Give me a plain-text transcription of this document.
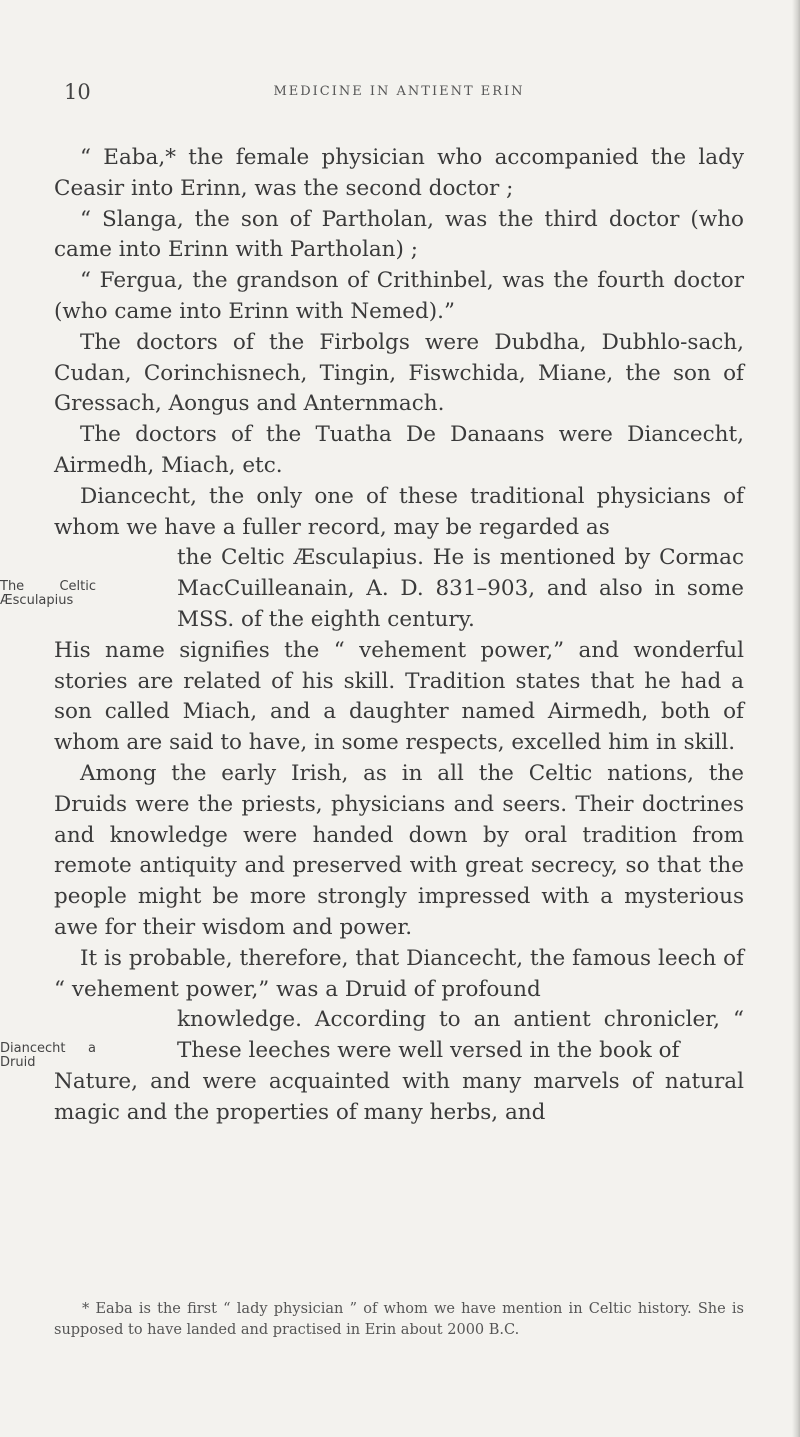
10	MEDICINE IN ANTIENT ERIN

“ Eaba,* the female physician who accompanied the lady Ceasir into Erinn, was the second doctor ;

“ Slanga, the son of Partholan, was the third doctor (who came into Erinn with Partholan) ;

“ Fergua, the grandson of Crithinbel, was the fourth doctor (who came into Erinn with Nemed).”

The doctors of the Firbolgs were Dubdha, Dubhlo-sach, Cudan, Corinchisnech, Tingin, Fiswchida, Miane, the son of Gressach, Aongus and Anternmach.

The doctors of the Tuatha De Danaans were Diancecht, Airmedh, Miach, etc.

Diancecht, the only one of these traditional physicians of whom we have a fuller record, may be regarded as

The Celtic Æsculapius

the Celtic Æsculapius. He is mentioned by Cormac MacCuilleanain, A. D. 831–903, and also in some MSS. of the eighth century.

His name signifies the “ vehement power,” and wonderful stories are related of his skill. Tradition states that he had a son called Miach, and a daughter named Airmedh, both of whom are said to have, in some respects, excelled him in skill.

Among the early Irish, as in all the Celtic nations, the Druids were the priests, physicians and seers. Their doctrines and knowledge were handed down by oral tradition from remote antiquity and preserved with great secrecy, so that the people might be more strongly impressed with a mysterious awe for their wisdom and power.

It is probable, therefore, that Diancecht, the famous leech of “ vehement power,” was a Druid of profound

Diancecht a Druid

knowledge. According to an antient chronicler, “ These leeches were well versed in the book of

Nature, and were acquainted with many marvels of natural magic and the properties of many herbs, and

* Eaba is the first “ lady physician ” of whom we have mention in Celtic history. She is supposed to have landed and practised in Erin about 2000 B.C.
